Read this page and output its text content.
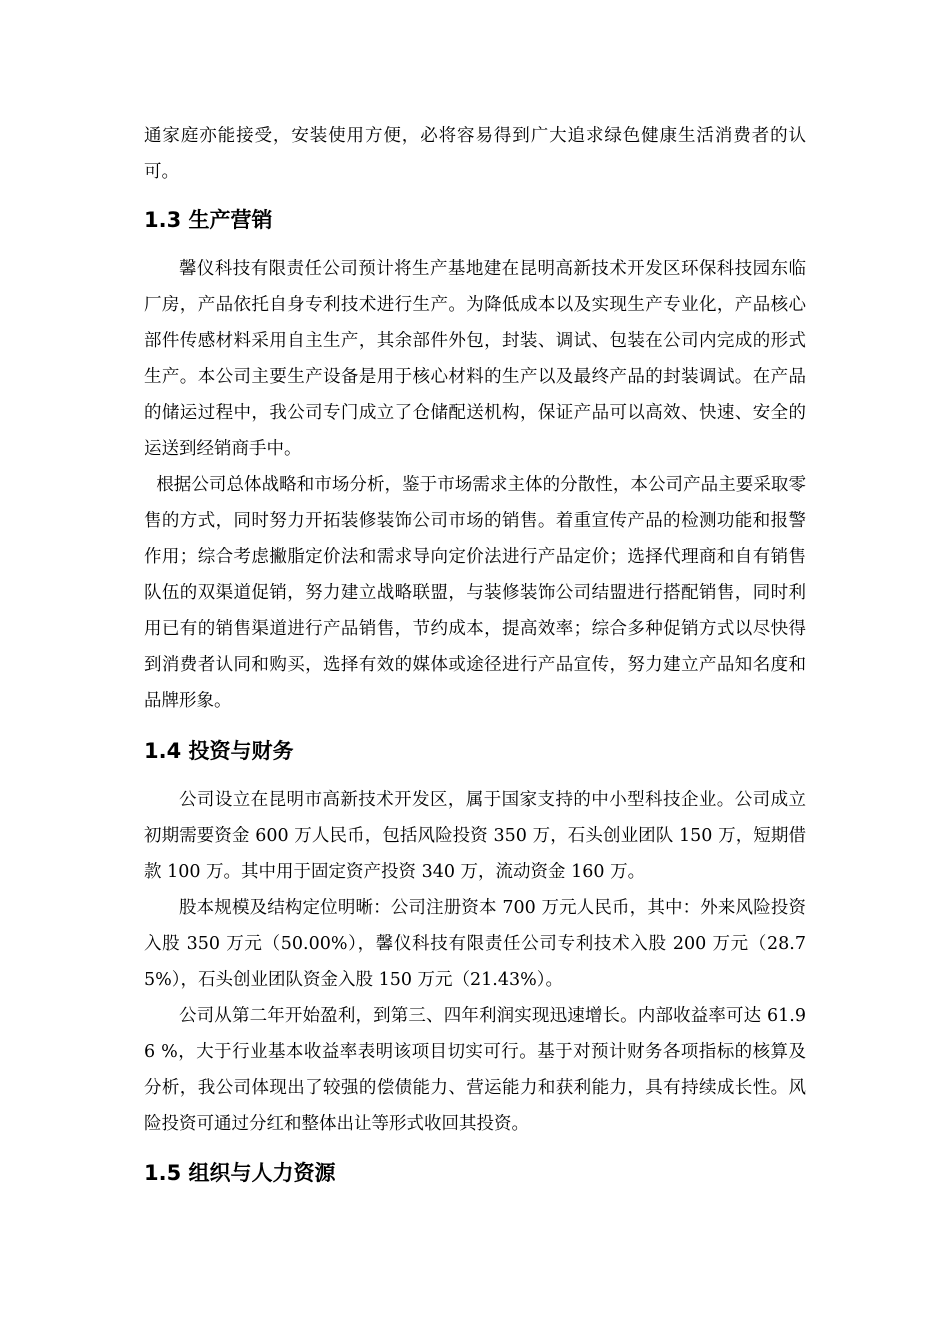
通家庭亦能接受，安装使用方便，必将容易得到广大追求绿色健康生活消费者的认可。

1.3 生产营销

馨仪科技有限责任公司预计将生产基地建在昆明高新技术开发区环保科技园东临厂房，产品依托自身专利技术进行生产。为降低成本以及实现生产专业化，产品核心部件传感材料采用自主生产，其余部件外包，封装、调试、包装在公司内完成的形式生产。本公司主要生产设备是用于核心材料的生产以及最终产品的封装调试。在产品的储运过程中，我公司专门成立了仓储配送机构，保证产品可以高效、快速、安全的运送到经销商手中。

根据公司总体战略和市场分析，鉴于市场需求主体的分散性，本公司产品主要采取零售的方式，同时努力开拓装修装饰公司市场的销售。着重宣传产品的检测功能和报警作用；综合考虑撇脂定价法和需求导向定价法进行产品定价；选择代理商和自有销售队伍的双渠道促销，努力建立战略联盟，与装修装饰公司结盟进行搭配销售，同时利用已有的销售渠道进行产品销售，节约成本，提高效率；综合多种促销方式以尽快得到消费者认同和购买，选择有效的媒体或途径进行产品宣传，努力建立产品知名度和品牌形象。

1.4 投资与财务

公司设立在昆明市高新技术开发区，属于国家支持的中小型科技企业。公司成立初期需要资金 600 万人民币，包括风险投资 350 万，石头创业团队 150 万，短期借款 100 万。其中用于固定资产投资 340 万，流动资金 160 万。

股本规模及结构定位明晰：公司注册资本 700 万元人民币，其中：外来风险投资入股 350 万元（50.00%），馨仪科技有限责任公司专利技术入股 200 万元（28.75%），石头创业团队资金入股 150 万元（21.43%）。

公司从第二年开始盈利，到第三、四年利润实现迅速增长。内部收益率可达 61.96 %，大于行业基本收益率表明该项目切实可行。基于对预计财务各项指标的核算及分析，我公司体现出了较强的偿债能力、营运能力和获利能力，具有持续成长性。风险投资可通过分红和整体出让等形式收回其投资。

1.5 组织与人力资源
